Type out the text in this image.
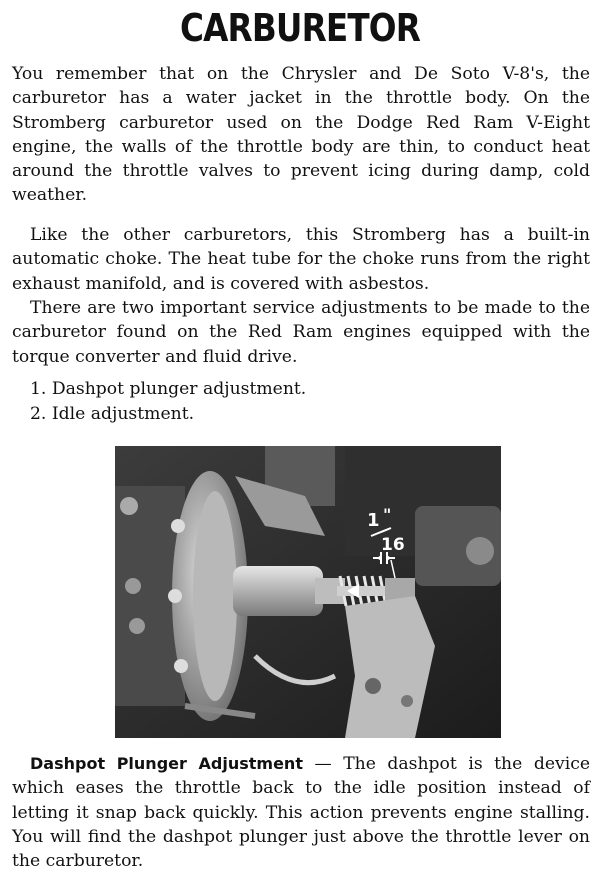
CARBURETOR

You remember that on the Chrysler and De Soto V-8's, the carburetor has a water jacket in the throttle body. On the Stromberg carburetor used on the Dodge Red Ram V-Eight engine, the walls of the throttle body are thin, to conduct heat around the throttle valves to prevent icing during damp, cold weather.

Like the other carburetors, this Stromberg has a built-in automatic choke. The heat tube for the choke runs from the right exhaust manifold, and is covered with asbestos.

There are two important service adjustments to be made to the carburetor found on the Red Ram engines equipped with the torque converter and fluid drive.

1. Dashpot plunger adjustment.
2. Idle adjustment.
1 "
16

Dashpot Plunger Adjustment — The dashpot is the device which eases the throttle back to the idle position instead of letting it snap back quickly. This action prevents engine stalling. You will find the dashpot plunger just above the throttle lever on the carburetor.
